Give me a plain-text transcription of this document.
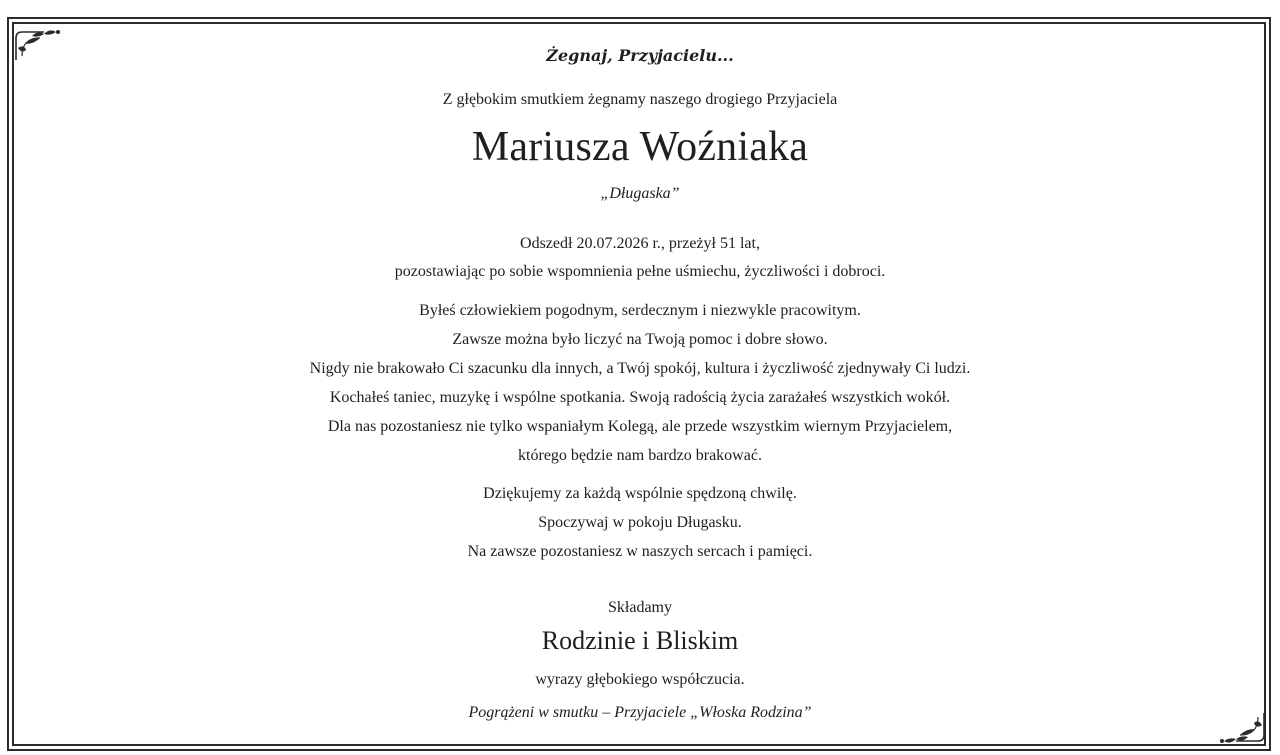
Żegnaj, Przyjacielu...
Z głębokim smutkiem żegnamy naszego drogiego Przyjaciela
Mariusza Woźniaka
„Długaska”
Odszedł 20.07.2026 r., przeżył 51 lat,
pozostawiając po sobie wspomnienia pełne uśmiechu, życzliwości i dobroci.
Byłeś człowiekiem pogodnym, serdecznym i niezwykle pracowitym.
Zawsze można było liczyć na Twoją pomoc i dobre słowo.
Nigdy nie brakowało Ci szacunku dla innych, a Twój spokój, kultura i życzliwość zjednywały Ci ludzi.
Kochałeś taniec, muzykę i wspólne spotkania. Swoją radością życia zarażałeś wszystkich wokół.
Dla nas pozostaniesz nie tylko wspaniałym Kolegą, ale przede wszystkim wiernym Przyjacielem,
którego będzie nam bardzo brakować.
Dziękujemy za każdą wspólnie spędzoną chwilę.
Spoczywaj w pokoju Długasku.
Na zawsze pozostaniesz w naszych sercach i pamięci.
Składamy
Rodzinie i Bliskim
wyrazy głębokiego współczucia.
Pogrążeni w smutku – Przyjaciele „Włoska Rodzina”
